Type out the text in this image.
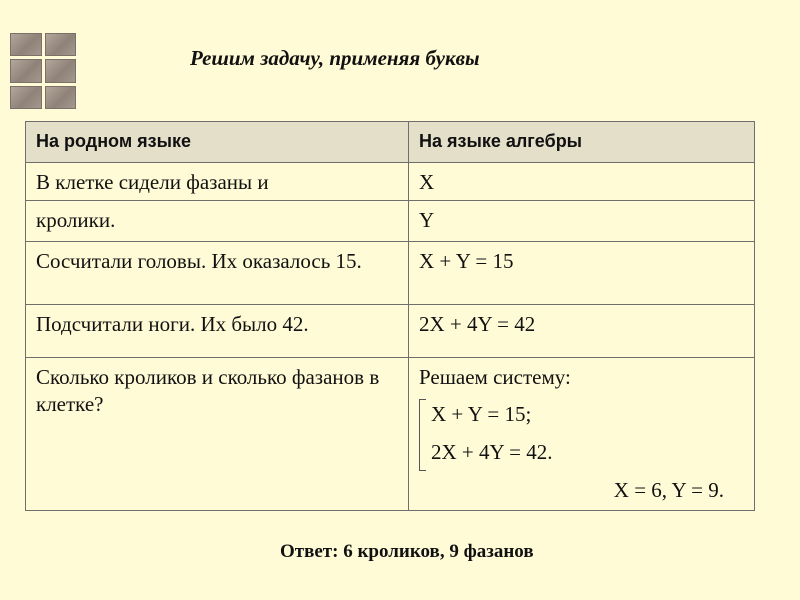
Решим задачу, применяя буквы
На родном языке	На языке алгебры
В клетке сидели фазаны и	X
кролики.	Y
Сосчитали головы. Их оказалось 15.	X + Y = 15
Подсчитали ноги. Их было 42.	2X + 4Y = 42
Сколько кроликов и сколько фазанов в клетке?	Решаем систему:
X + Y = 15;
2X + 4Y = 42.
X = 6, Y = 9.

Ответ: 6 кроликов, 9 фазанов
